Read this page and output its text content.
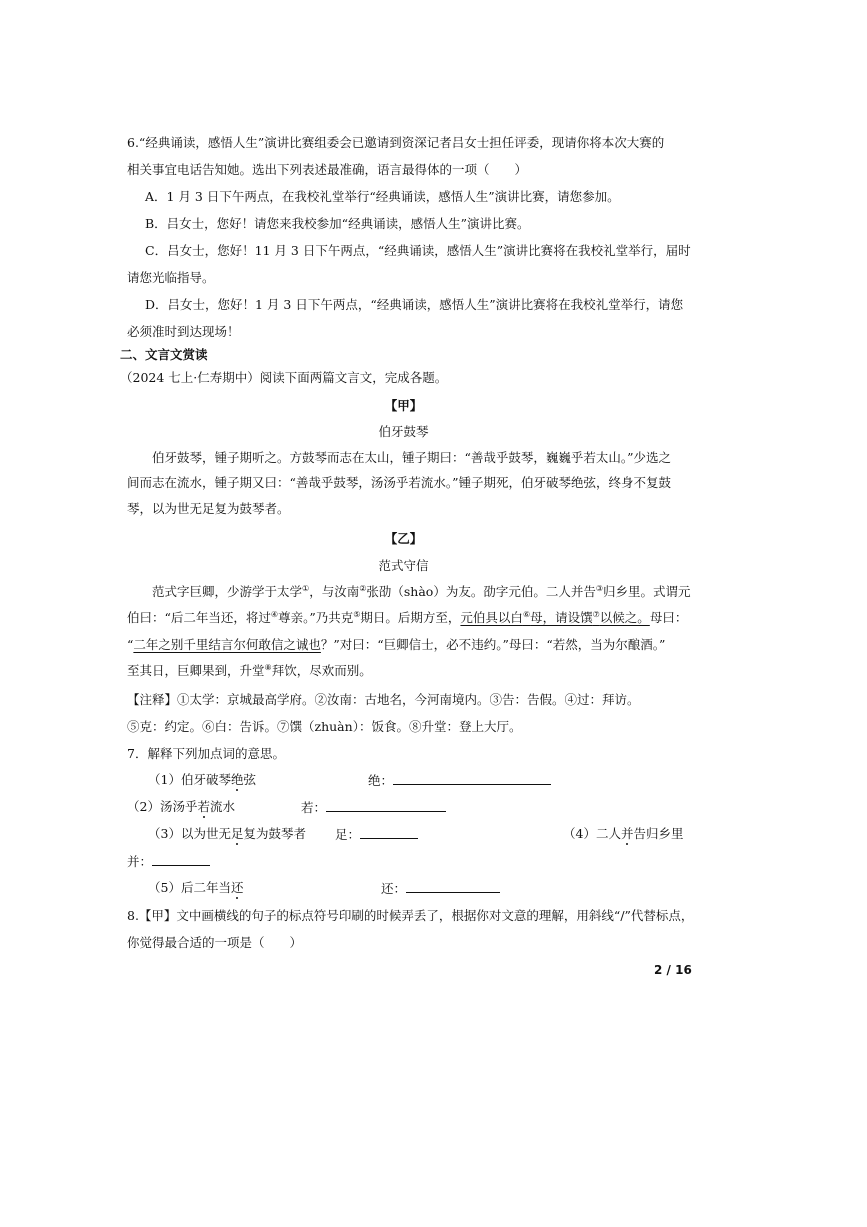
6.“经典诵读，感悟人生”演讲比赛组委会已邀请到资深记者吕女士担任评委，现请你将本次大赛的
相关事宜电话告知她。选出下列表述最准确，语言最得体的一项（　　）
A．1 月 3 日下午两点，在我校礼堂举行“经典诵读，感悟人生”演讲比赛，请您参加。
B．吕女士，您好！请您来我校参加“经典诵读，感悟人生”演讲比赛。
C．吕女士，您好！11 月 3 日下午两点，“经典诵读，感悟人生”演讲比赛将在我校礼堂举行，届时
请您光临指导。
D．吕女士，您好！1 月 3 日下午两点，“经典诵读，感悟人生”演讲比赛将在我校礼堂举行，请您
必须准时到达现场！
二、文言文赏读
（2024 七上·仁寿期中）阅读下面两篇文言文，完成各题。
【甲】
伯牙鼓琴
伯牙鼓琴，锺子期听之。方鼓琴而志在太山，锺子期曰：“善哉乎鼓琴，巍巍乎若太山。”少选之
间而志在流水，锺子期又曰：“善哉乎鼓琴，汤汤乎若流水。”锺子期死，伯牙破琴绝弦，终身不复鼓
琴，以为世无足复为鼓琴者。
【乙】
范式守信
范式字巨卿，少游学于太学①，与汝南②张劭（shào）为友。劭字元伯。二人并告③归乡里。式谓元
伯曰：“后二年当还，将过④尊亲。”乃共克⑤期日。后期方至，元伯具以白⑥母，请设馔⑦以候之。母曰：
“二年之别千里结言尔何敢信之诚也？”对曰：“巨卿信士，必不违约。”母曰：“若然，当为尔酿酒。”
至其日，巨卿果到，升堂⑧拜饮，尽欢而别。
【注释】①太学：京城最高学府。②汝南：古地名，今河南境内。③告：告假。④过：拜访。
⑤克：约定。⑥白：告诉。⑦馔（zhuàn）：饭食。⑧升堂：登上大厅。
7．解释下列加点词的意思。
（1）伯牙破琴绝弦	绝：
（2）汤汤乎若流水	若：
（3）以为世无足复为鼓琴者 足：	（4）二人并告归乡里
并：
（5）后二年当还	还：
8.【甲】文中画横线的句子的标点符号印刷的时候弄丢了，根据你对文意的理解，用斜线“/”代替标点，
你觉得最合适的一项是（　　）
2 / 16
